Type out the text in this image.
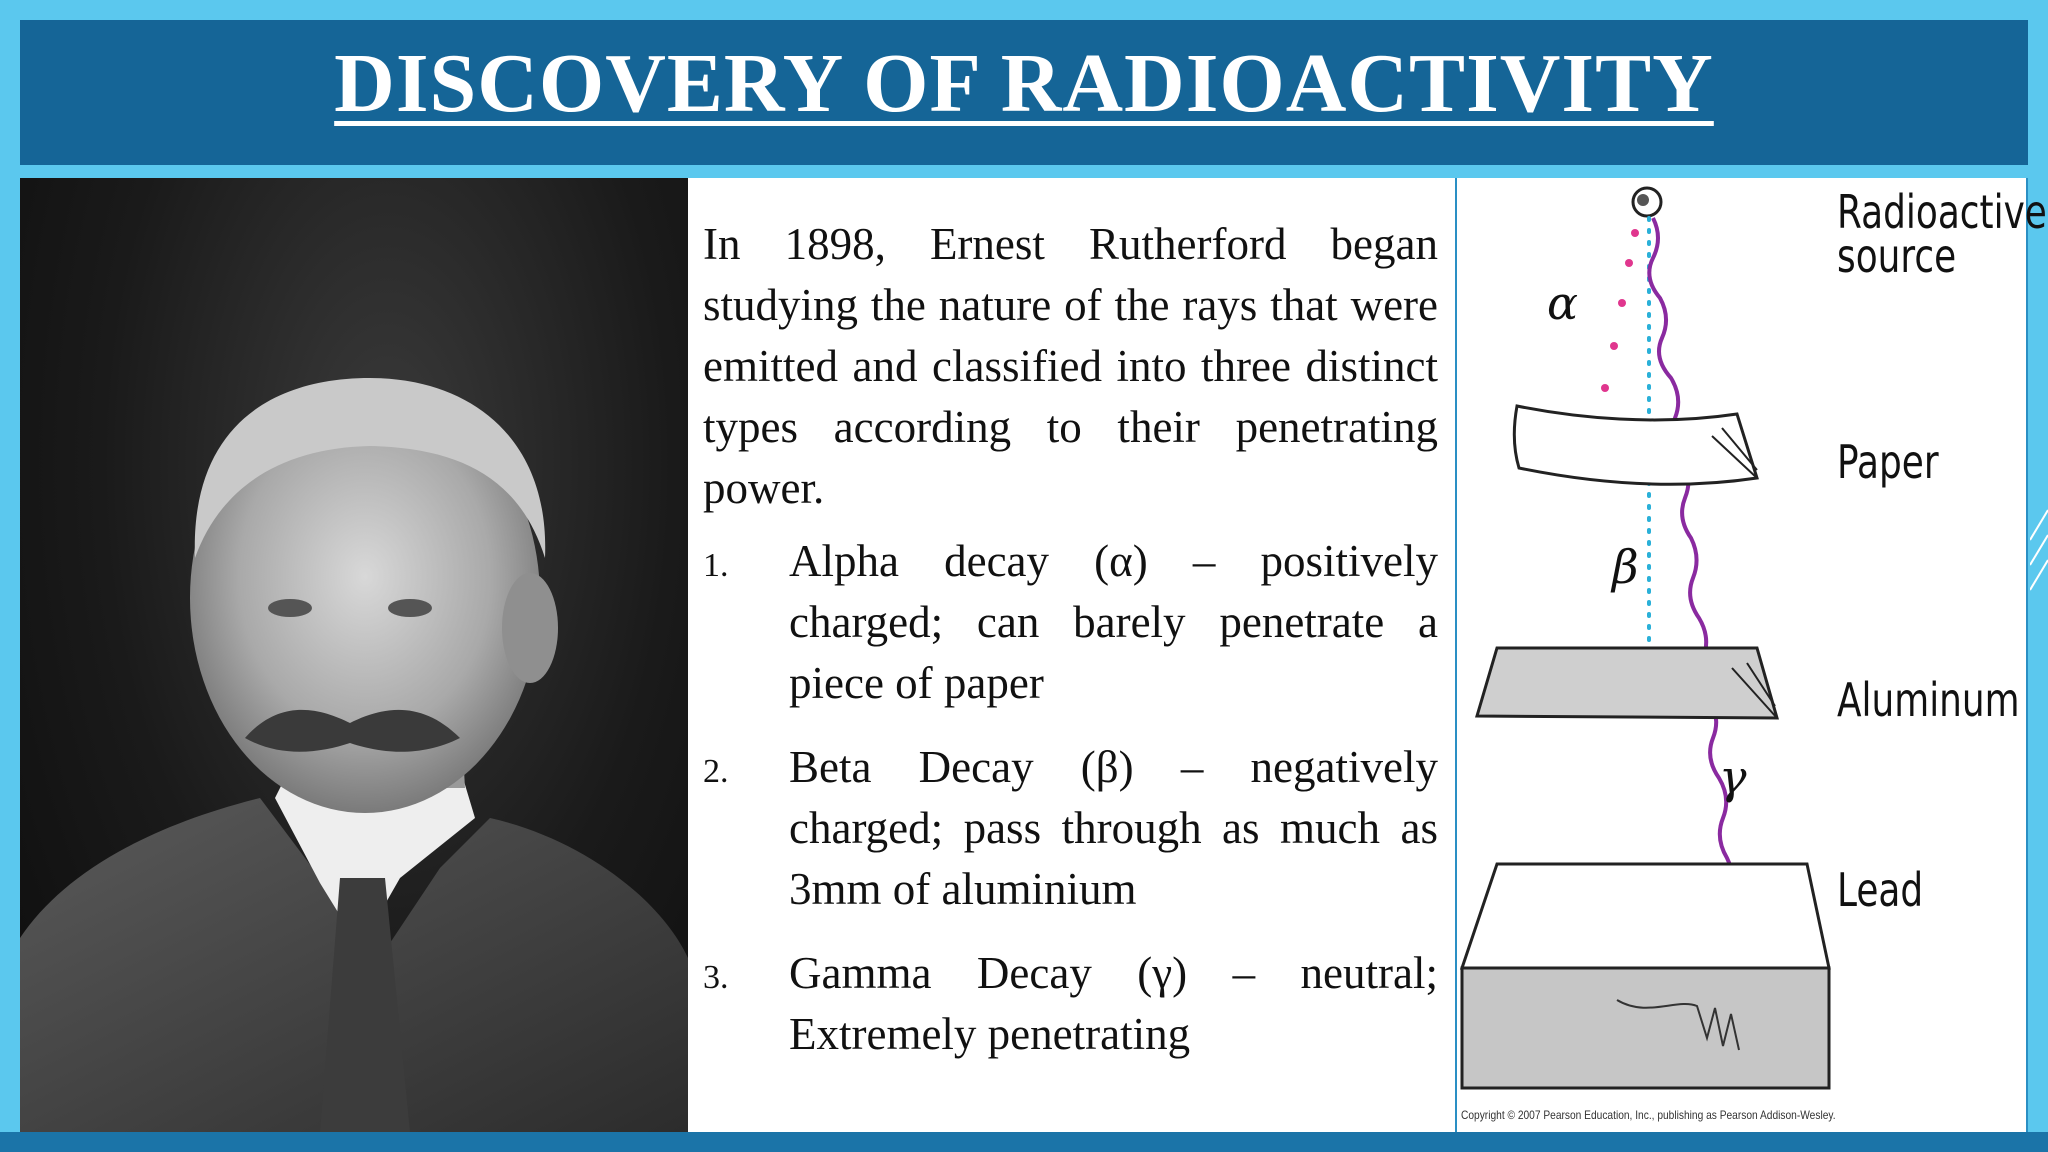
DISCOVERY OF RADIOACTIVITY

In 1898, Ernest Rutherford began studying the nature of the rays that were emitted and classified into three distinct types according to their penetrating power.

1.	Alpha decay (α) – positively charged; can barely penetrate a piece of paper
2.	Beta Decay (β) – negatively charged; pass through as much as 3mm of aluminium
3.	Gamma Decay (γ) – neutral; Extremely penetrating
Radioactive
source
Paper
Aluminum
Lead
α
β
γ
Copyright © 2007 Pearson Education, Inc., publishing as Pearson Addison-Wesley.
